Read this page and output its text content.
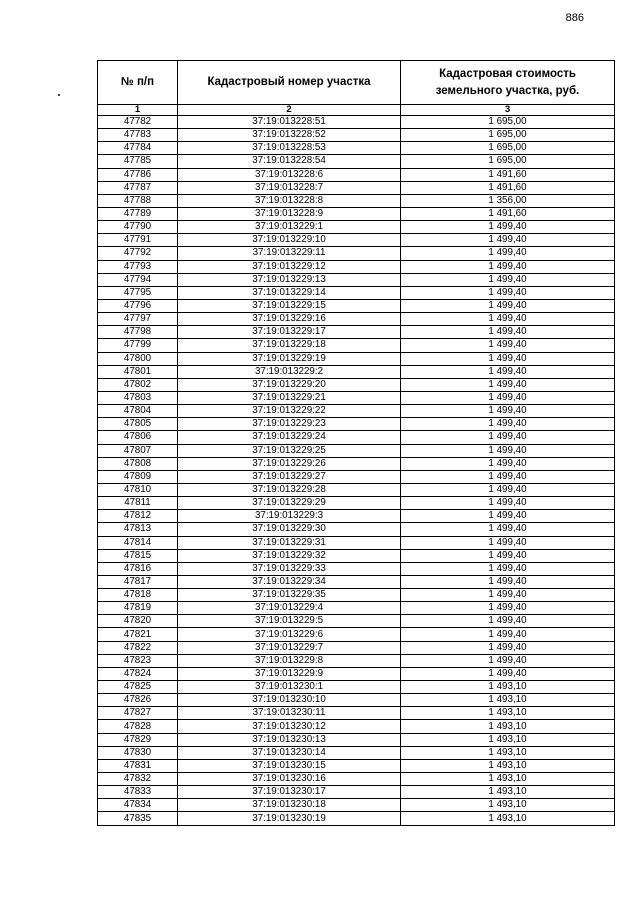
886
№ п/п	Кадастровый номер участка	Кадастровая стоимость земельного участка, руб.
1	2	3
47782	37:19:013228:51	1 695,00
47783	37:19:013228:52	1 695,00
47784	37:19:013228:53	1 695,00
47785	37:19:013228:54	1 695,00
47786	37:19:013228:6	1 491,60
47787	37:19:013228:7	1 491,60
47788	37:19:013228:8	1 356,00
47789	37:19:013228:9	1 491,60
47790	37:19:013229:1	1 499,40
47791	37:19:013229:10	1 499,40
47792	37:19:013229:11	1 499,40
47793	37:19:013229:12	1 499,40
47794	37:19:013229:13	1 499,40
47795	37:19:013229:14	1 499,40
47796	37:19:013229:15	1 499,40
47797	37:19:013229:16	1 499,40
47798	37:19:013229:17	1 499,40
47799	37:19:013229:18	1 499,40
47800	37:19:013229:19	1 499,40
47801	37:19:013229:2	1 499,40
47802	37:19:013229:20	1 499,40
47803	37:19:013229:21	1 499,40
47804	37:19:013229:22	1 499,40
47805	37:19:013229:23	1 499,40
47806	37:19:013229:24	1 499,40
47807	37:19:013229:25	1 499,40
47808	37:19:013229:26	1 499,40
47809	37:19:013229:27	1 499,40
47810	37:19:013229:28	1 499,40
47811	37:19:013229:29	1 499,40
47812	37:19:013229:3	1 499,40
47813	37:19:013229:30	1 499,40
47814	37:19:013229:31	1 499,40
47815	37:19:013229:32	1 499,40
47816	37:19:013229:33	1 499,40
47817	37:19:013229:34	1 499,40
47818	37:19:013229:35	1 499,40
47819	37:19:013229:4	1 499,40
47820	37:19:013229:5	1 499,40
47821	37:19:013229:6	1 499,40
47822	37:19:013229:7	1 499,40
47823	37:19:013229:8	1 499,40
47824	37:19:013229:9	1 499,40
47825	37:19:013230:1	1 493,10
47826	37:19:013230:10	1 493,10
47827	37:19:013230:11	1 493,10
47828	37:19:013230:12	1 493,10
47829	37:19:013230:13	1 493,10
47830	37:19:013230:14	1 493,10
47831	37:19:013230:15	1 493,10
47832	37:19:013230:16	1 493,10
47833	37:19:013230:17	1 493,10
47834	37:19:013230:18	1 493,10
47835	37:19:013230:19	1 493,10
